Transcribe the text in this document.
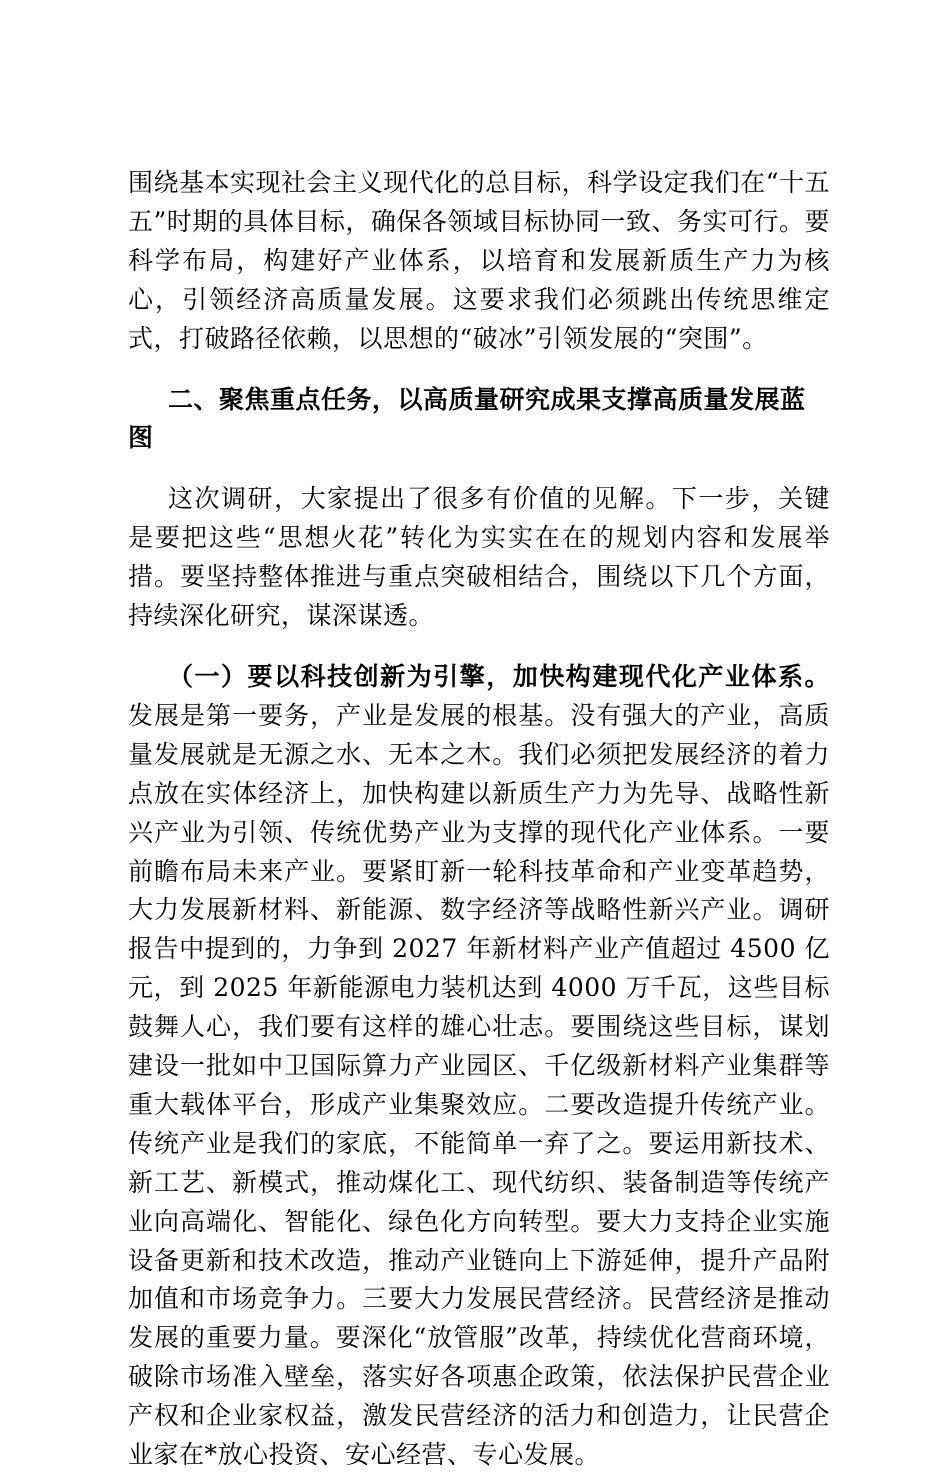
围绕基本实现社会主义现代化的总目标，科学设定我们在“十五五”时期的具体目标，确保各领域目标协同一致、务实可行。要科学布局，构建好产业体系，以培育和发展新质生产力为核心，引领经济高质量发展。这要求我们必须跳出传统思维定式，打破路径依赖，以思想的“破冰”引领发展的“突围”。

二、聚焦重点任务，以高质量研究成果支撑高质量发展蓝图

这次调研，大家提出了很多有价值的见解。下一步，关键是要把这些“思想火花”转化为实实在在的规划内容和发展举措。要坚持整体推进与重点突破相结合，围绕以下几个方面，持续深化研究，谋深谋透。

（一）要以科技创新为引擎，加快构建现代化产业体系。发展是第一要务，产业是发展的根基。没有强大的产业，高质量发展就是无源之水、无本之木。我们必须把发展经济的着力点放在实体经济上，加快构建以新质生产力为先导、战略性新兴产业为引领、传统优势产业为支撑的现代化产业体系。一要前瞻布局未来产业。要紧盯新一轮科技革命和产业变革趋势，大力发展新材料、新能源、数字经济等战略性新兴产业。调研报告中提到的，力争到 2027 年新材料产业产值超过 4500 亿元，到 2025 年新能源电力装机达到 4000 万千瓦，这些目标鼓舞人心，我们要有这样的雄心壮志。要围绕这些目标，谋划建设一批如中卫国际算力产业园区、千亿级新材料产业集群等重大载体平台，形成产业集聚效应。二要改造提升传统产业。传统产业是我们的家底，不能简单一弃了之。要运用新技术、新工艺、新模式，推动煤化工、现代纺织、装备制造等传统产业向高端化、智能化、绿色化方向转型。要大力支持企业实施设备更新和技术改造，推动产业链向上下游延伸，提升产品附加值和市场竞争力。三要大力发展民营经济。民营经济是推动发展的重要力量。要深化“放管服”改革，持续优化营商环境，破除市场准入壁垒，落实好各项惠企政策，依法保护民营企业产权和企业家权益，激发民营经济的活力和创造力，让民营企业家在*放心投资、安心经营、专心发展。
